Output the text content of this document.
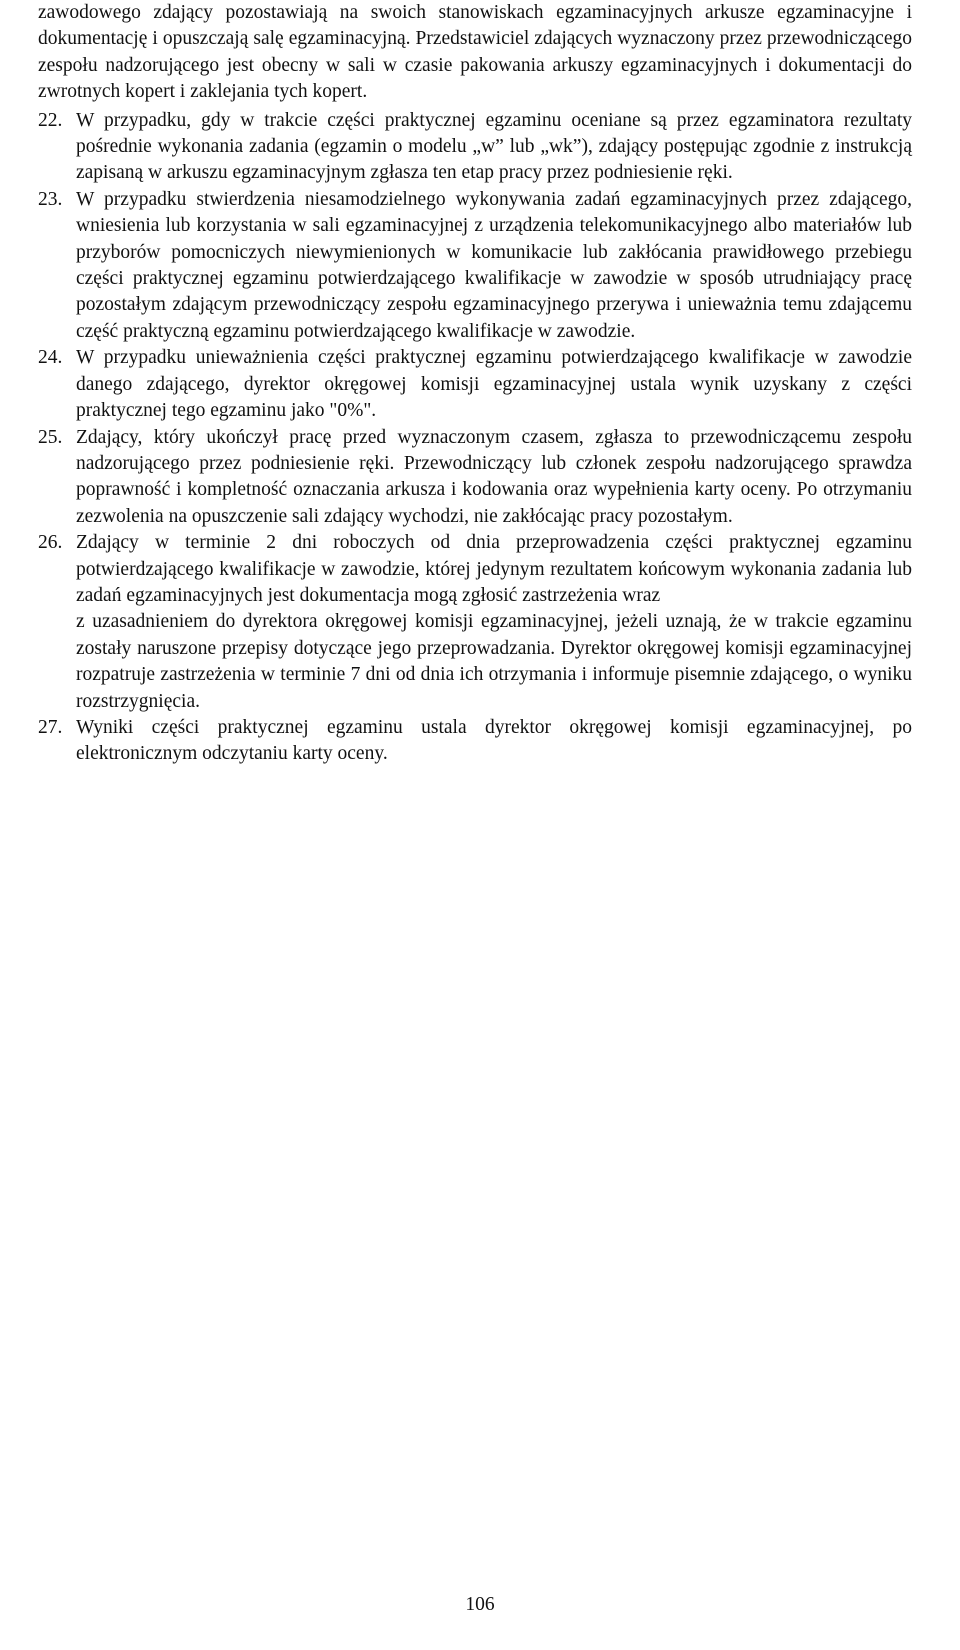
zawodowego zdający pozostawiają na swoich stanowiskach egzaminacyjnych arkusze egzaminacyjne i dokumentację i opuszczają salę egzaminacyjną. Przedstawiciel zdających wyznaczony przez przewodniczącego zespołu nadzorującego jest obecny w sali w czasie pakowania arkuszy egzaminacyjnych i dokumentacji do zwrotnych kopert i zaklejania tych kopert.

22. W przypadku, gdy w trakcie części praktycznej egzaminu oceniane są przez egzaminatora rezultaty pośrednie wykonania zadania (egzamin o modelu „w” lub „wk”), zdający postępując zgodnie z instrukcją zapisaną w arkuszu egzaminacyjnym zgłasza ten etap pracy przez podniesienie ręki.

23. W przypadku stwierdzenia niesamodzielnego wykonywania zadań egzaminacyjnych przez zdającego, wniesienia lub korzystania w sali egzaminacyjnej z urządzenia telekomunikacyjnego albo materiałów lub przyborów pomocniczych niewymienionych w komunikacie lub zakłócania prawidłowego przebiegu części praktycznej egzaminu potwierdzającego kwalifikacje w zawodzie w sposób utrudniający pracę pozostałym zdającym przewodniczący zespołu egzaminacyjnego przerywa i unieważnia temu zdającemu część praktyczną egzaminu potwierdzającego kwalifikacje w zawodzie.

24. W przypadku unieważnienia części praktycznej egzaminu potwierdzającego kwalifikacje w zawodzie danego zdającego, dyrektor okręgowej komisji egzaminacyjnej ustala wynik uzyskany z części praktycznej tego egzaminu jako "0%".

25. Zdający, który ukończył pracę przed wyznaczonym czasem, zgłasza to przewodniczącemu zespołu nadzorującego przez podniesienie ręki. Przewodniczący lub członek zespołu nadzorującego sprawdza poprawność i kompletność oznaczania arkusza i kodowania oraz wypełnienia karty oceny. Po otrzymaniu zezwolenia na opuszczenie sali zdający wychodzi, nie zakłócając pracy pozostałym.

26. Zdający w terminie 2 dni roboczych od dnia przeprowadzenia części praktycznej egzaminu potwierdzającego kwalifikacje w zawodzie, której jedynym rezultatem końcowym wykonania zadania lub zadań egzaminacyjnych jest dokumentacja mogą zgłosić zastrzeżenia wraz

z uzasadnieniem do dyrektora okręgowej komisji egzaminacyjnej, jeżeli uznają, że w trakcie egzaminu zostały naruszone przepisy dotyczące jego przeprowadzania. Dyrektor okręgowej komisji egzaminacyjnej rozpatruje zastrzeżenia w terminie 7 dni od dnia ich otrzymania i informuje pisemnie zdającego, o wyniku rozstrzygnięcia.

27. Wyniki części praktycznej egzaminu ustala dyrektor okręgowej komisji egzaminacyjnej, po elektronicznym odczytaniu karty oceny.

106
